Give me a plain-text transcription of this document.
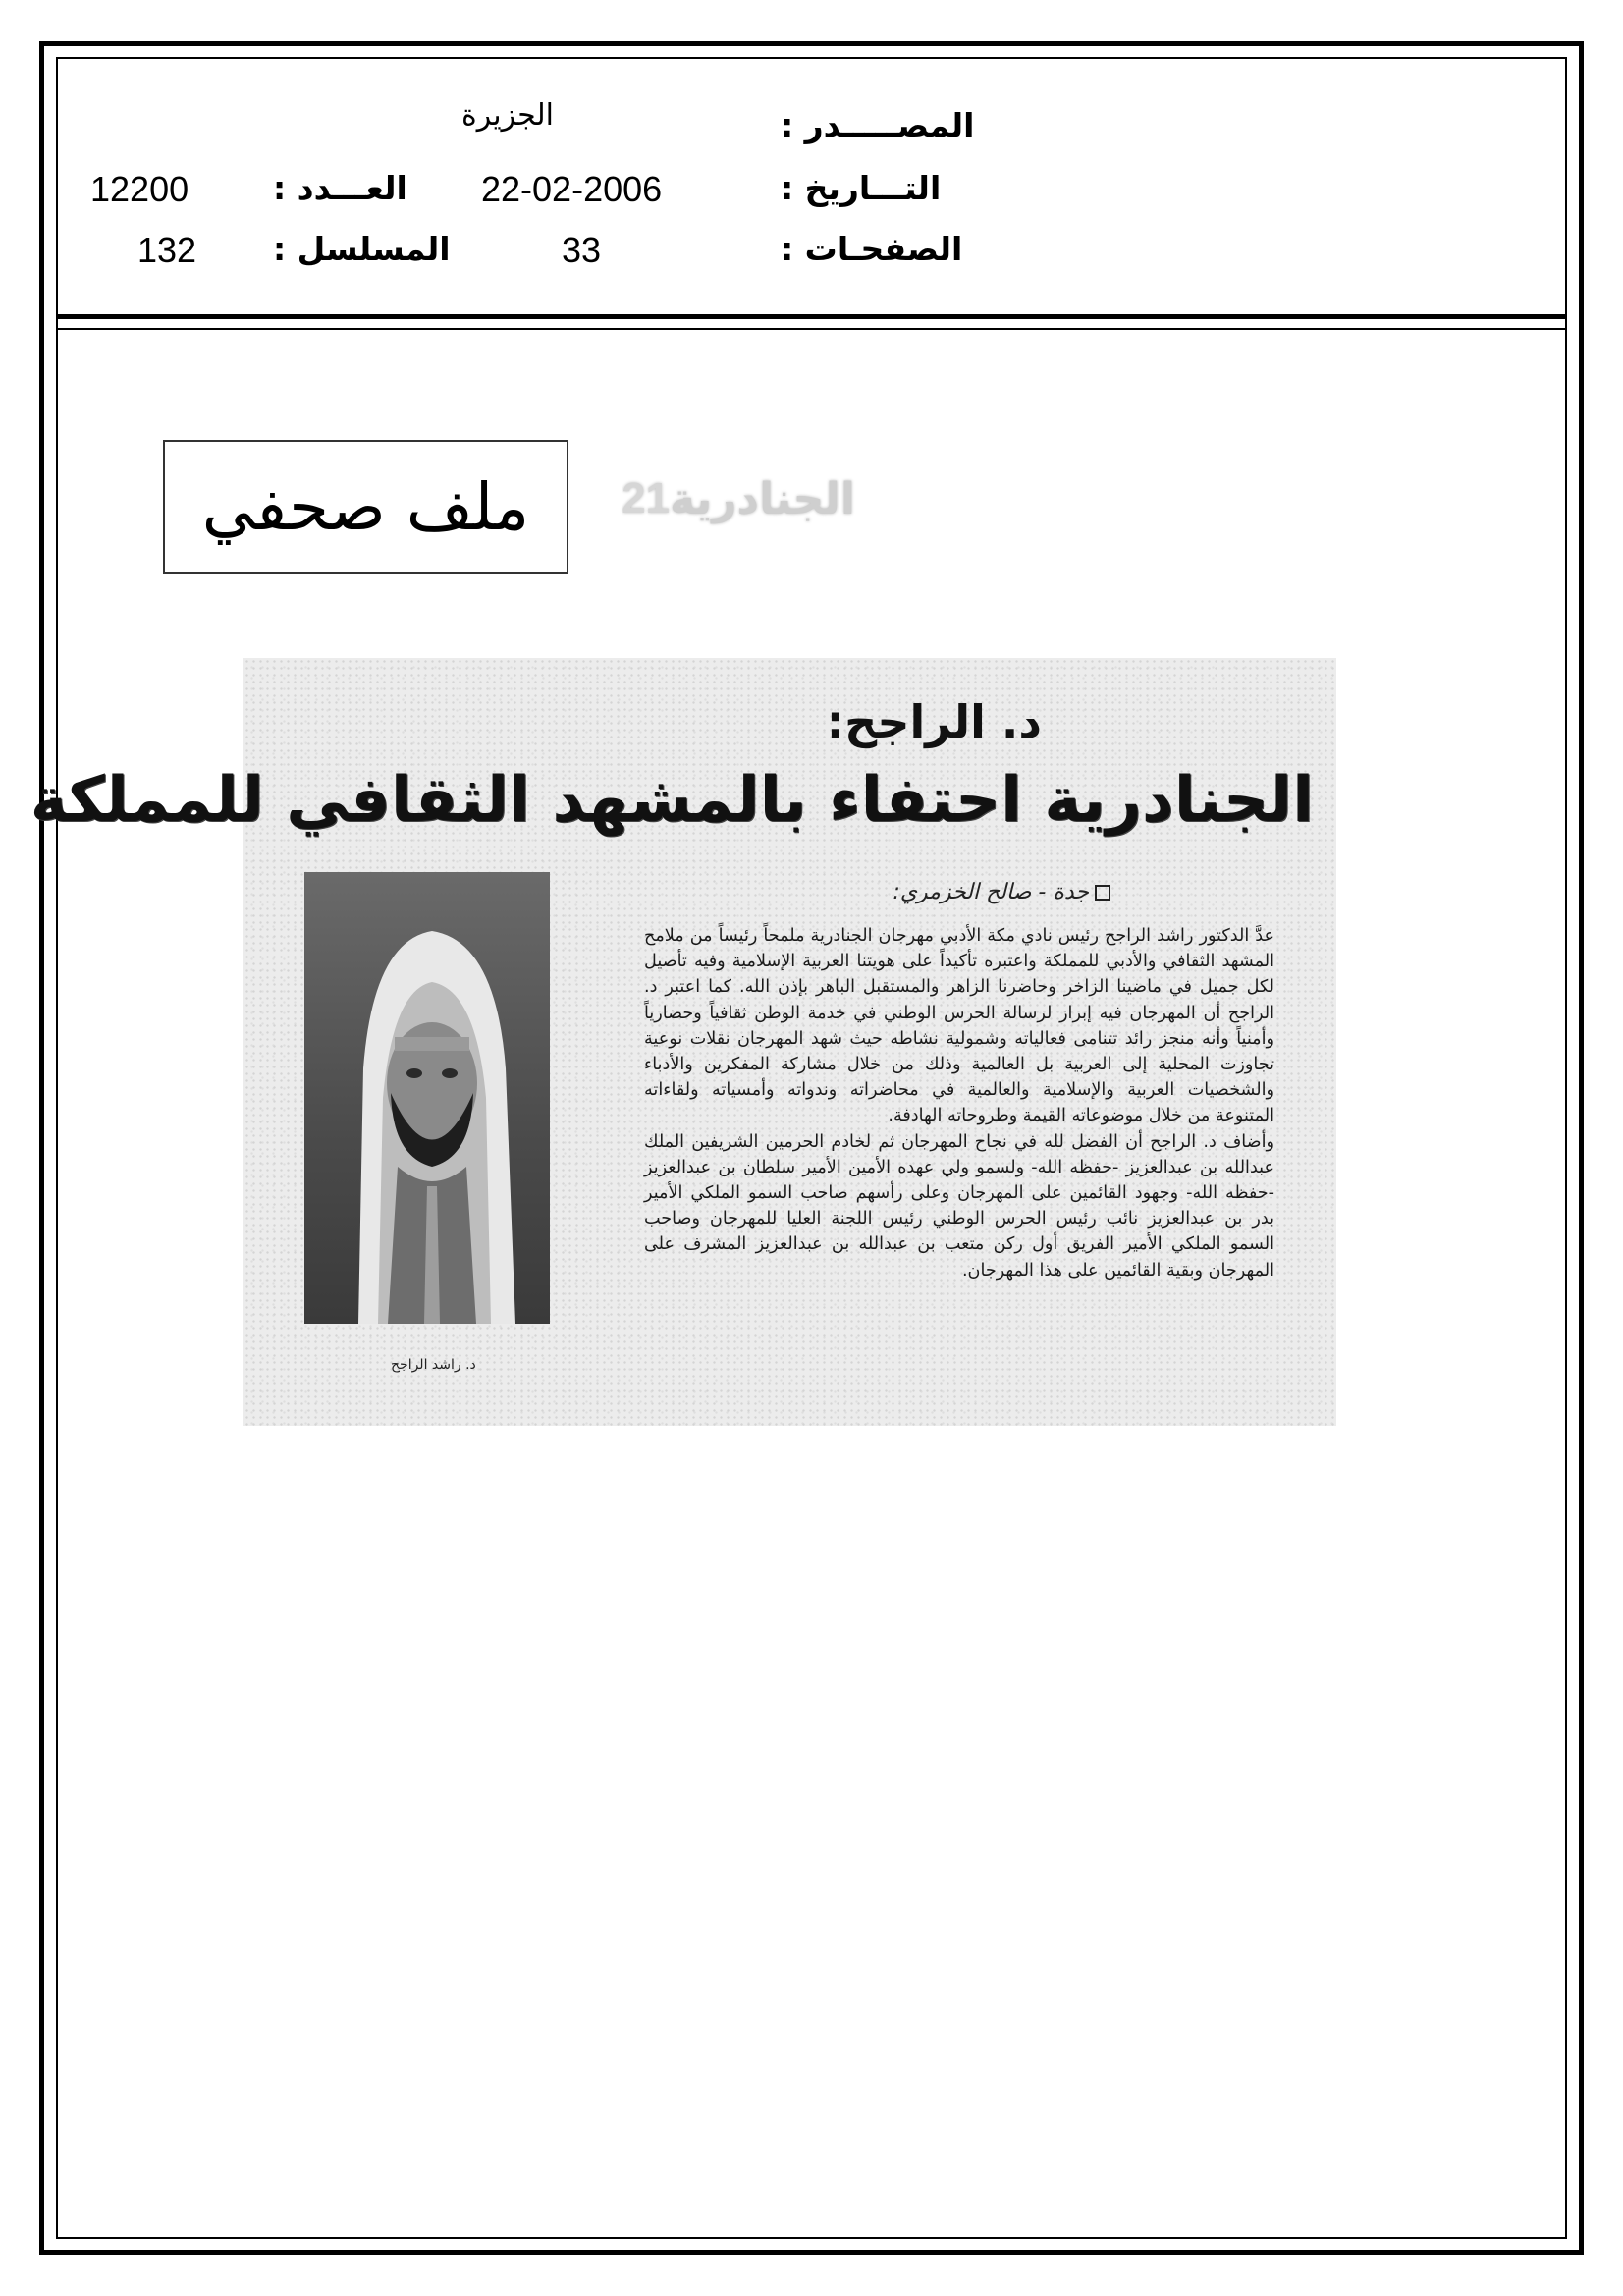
المصـــــدر :
الجزيرة
التـــاريخ :
22-02-2006
العـــدد :
12200
الصفحـات :
33
المسلسل :
132
ملف صحفي	الجنادرية
21
د. الراجح:
الجنادرية احتفاء بالمشهد الثقافي للمملكة
جدة - صالح الخزمري:
د. راشد الراجح

عدَّ الدكتور راشد الراجح رئيس نادي مكة الأدبي مهرجان الجنادرية ملمحاً رئيساً من ملامح المشهد الثقافي والأدبي للمملكة واعتبره تأكيداً على هويتنا العربية الإسلامية وفيه تأصيل لكل جميل في ماضينا الزاخر وحاضرنا الزاهر والمستقبل الباهر بإذن الله. كما اعتبر د. الراجح أن المهرجان فيه إبراز لرسالة الحرس الوطني في خدمة الوطن ثقافياً وحضارياً وأمنياً وأنه منجز رائد تتنامى فعالياته وشمولية نشاطه حيث شهد المهرجان نقلات نوعية تجاوزت المحلية إلى العربية بل العالمية وذلك من خلال مشاركة المفكرين والأدباء والشخصيات العربية والإسلامية والعالمية في محاضراته وندواته وأمسياته ولقاءاته المتنوعة من خلال موضوعاته القيمة وطروحاته الهادفة.

وأضاف د. الراجح أن الفضل لله في نجاح المهرجان ثم لخادم الحرمين الشريفين الملك عبدالله بن عبدالعزيز -حفظه الله- ولسمو ولي عهده الأمين الأمير سلطان بن عبدالعزيز -حفظه الله- وجهود القائمين على المهرجان وعلى رأسهم صاحب السمو الملكي الأمير بدر بن عبدالعزيز نائب رئيس الحرس الوطني رئيس اللجنة العليا للمهرجان وصاحب السمو الملكي الأمير الفريق أول ركن متعب بن عبدالله بن عبدالعزيز المشرف على المهرجان وبقية القائمين على هذا المهرجان.
